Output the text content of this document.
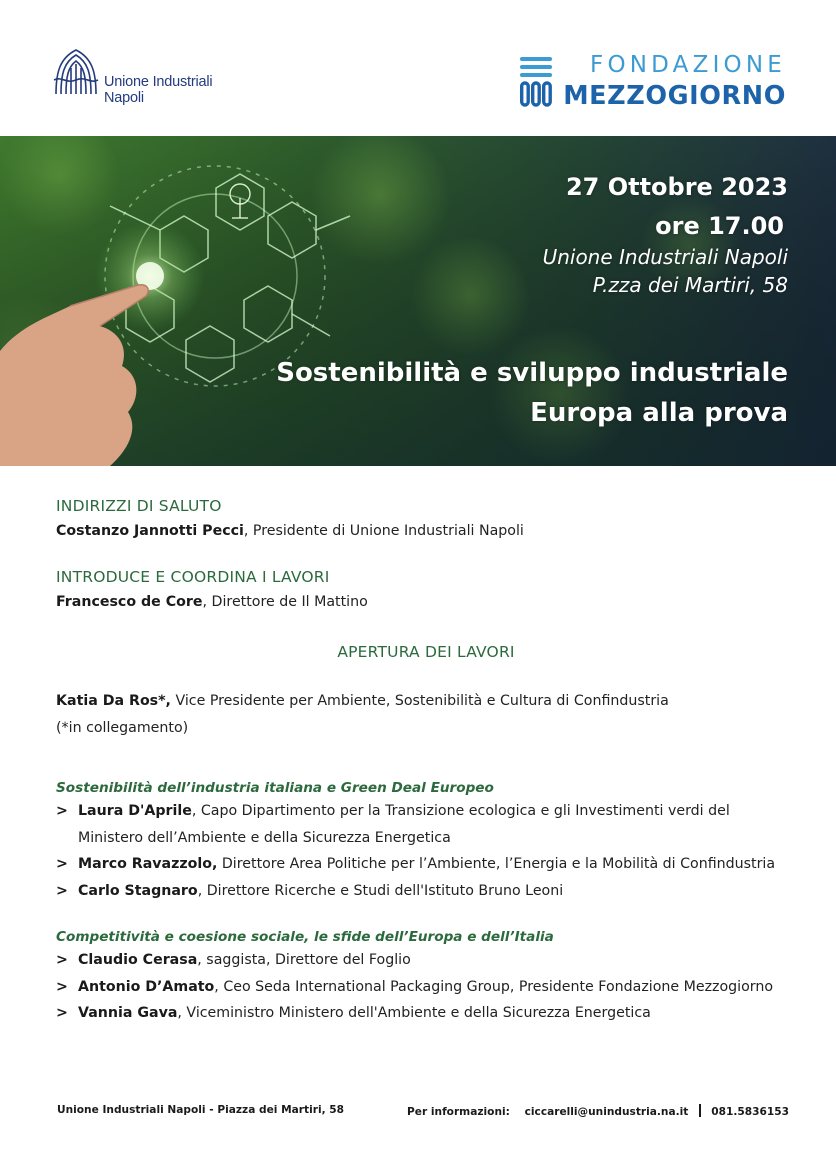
Unione Industriali
Napoli
FONDAZIONE
MEZZOGIORNO
27 Ottobre 2023
ore 17.00
Unione Industriali Napoli
P.zza dei Martiri, 58
Sostenibilità e sviluppo industriale
Europa alla prova

INDIRIZZI DI SALUTO

Costanzo Jannotti Pecci, Presidente di Unione Industriali Napoli

INTRODUCE E COORDINA I LAVORI

Francesco de Core, Direttore de Il Mattino

APERTURA DEI LAVORI

Katia Da Ros*, Vice Presidente per Ambiente, Sostenibilità e Cultura di Confindustria

(*in collegamento)

Sostenibilità dell’industria italiana e Green Deal Europeo

> Laura D'Aprile, Capo Dipartimento per la Transizione ecologica e gli Investimenti verdi del
Ministero dell’Ambiente e della Sicurezza Energetica
> Marco Ravazzolo, Direttore Area Politiche per l’Ambiente, l’Energia e la Mobilità di Confindustria
> Carlo Stagnaro, Direttore Ricerche e Studi dell'Istituto Bruno Leoni

Competitività e coesione sociale, le sfide dell’Europa e dell’Italia

> Claudio Cerasa, saggista, Direttore del Foglio
> Antonio D’Amato, Ceo Seda International Packaging Group, Presidente Fondazione Mezzogiorno
> Vannia Gava, Viceministro Ministero dell'Ambiente e della Sicurezza Energetica
Unione Industriali Napoli - Piazza dei Martiri, 58	Per informazioni: ciccarelli@unindustria.na.it 081.5836153
